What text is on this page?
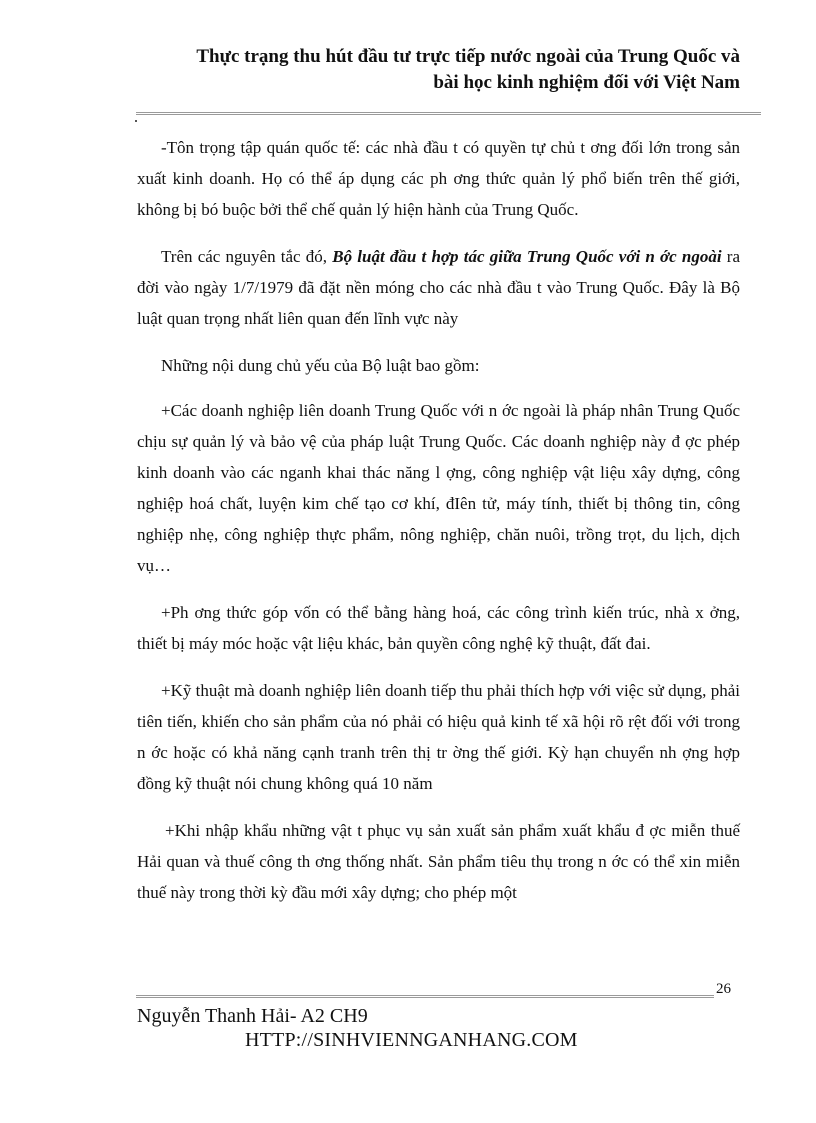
Thực trạng thu hút đầu tư trực tiếp nước ngoài của Trung Quốc và
bài học kinh nghiệm đối với Việt Nam

-Tôn trọng tập quán quốc tế: các nhà đầu t có quyền tự chủ t ơng đối lớn trong sản xuất kinh doanh. Họ có thể áp dụng các ph ơng thức quản lý phổ biến trên thế giới, không bị bó buộc bởi thể chế quản lý hiện hành của Trung Quốc.

Trên các nguyên tắc đó, Bộ luật đầu t hợp tác giữa Trung Quốc với n ớc ngoài ra đời vào ngày 1/7/1979 đã đặt nền móng cho các nhà đầu t vào Trung Quốc. Đây là Bộ luật quan trọng nhất liên quan đến lĩnh vực này

Những nội dung chủ yếu của Bộ luật bao gồm:

+Các doanh nghiệp liên doanh Trung Quốc với n ớc ngoài là pháp nhân Trung Quốc chịu sự quản lý và bảo vệ của pháp luật Trung Quốc. Các doanh nghiệp này đ ợc phép kinh doanh vào các nganh khai thác năng l ợng, công nghiệp vật liệu xây dựng, công nghiệp hoá chất, luyện kim chế tạo cơ khí, đIên tử, máy tính, thiết bị thông tin, công nghiệp nhẹ, công nghiệp thực phẩm, nông nghiệp, chăn nuôi, trồng trọt, du lịch, dịch vụ…

+Ph ơng thức góp vốn có thể bằng hàng hoá, các công trình kiến trúc, nhà x ởng, thiết bị máy móc hoặc vật liệu khác, bản quyền công nghệ kỹ thuật, đất đai.

+Kỹ thuật mà doanh nghiệp liên doanh tiếp thu phải thích hợp với việc sử dụng, phải tiên tiến, khiến cho sản phẩm của nó phải có hiệu quả kinh tế xã hội rõ rệt đối với trong n ớc hoặc có khả năng cạnh tranh trên thị tr ờng thế giới. Kỳ hạn chuyển nh ợng hợp đồng kỹ thuật nói chung không quá 10 năm

+Khi nhập khẩu những vật t phục vụ sản xuất sản phẩm xuất khẩu đ ợc miễn thuế Hải quan và thuế công th ơng thống nhất. Sản phẩm tiêu thụ trong n ớc có thể xin miễn thuế này trong thời kỳ đầu mới xây dựng; cho phép một

26
Nguyễn Thanh Hải- A2 CH9
HTTP://SINHVIENNGANHANG.COM
